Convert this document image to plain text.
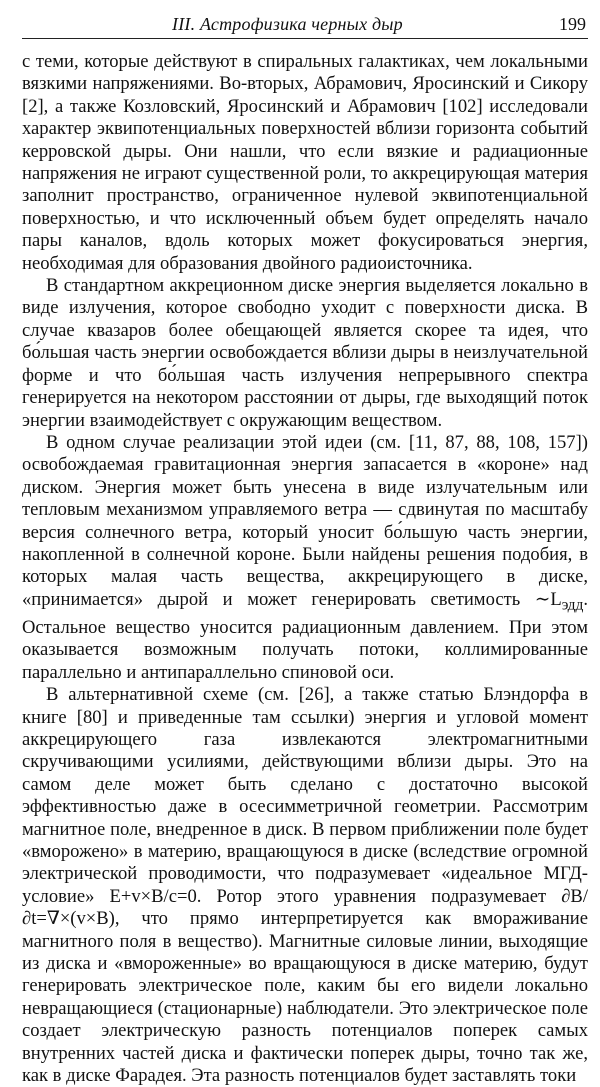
III. Астрофизика черных дыр	199

с теми, которые действуют в спиральных галактиках, чем локальными вязкими напряжениями. Во-вторых, Абрамович, Яросинский и Сикору [2], а также Козловский, Яросинский и Абрамович [102] исследовали характер эквипотенциальных поверхностей вблизи горизонта событий керровской дыры. Они нашли, что если вязкие и радиационные напряжения не играют существенной роли, то аккрецирующая материя заполнит пространство, ограниченное нулевой эквипотенциальной поверхностью, и что исключенный объем будет определять начало пары каналов, вдоль которых может фокусироваться энергия, необходимая для образования двойного радиоисточника.

В стандартном аккреционном диске энергия выделяется локально в виде излучения, которое свободно уходит с поверхности диска. В случае квазаров более обещающей является скорее та идея, что бо́льшая часть энергии освобождается вблизи дыры в неизлучательной форме и что бо́льшая часть излучения непрерывного спектра генерируется на некотором расстоянии от дыры, где выходящий поток энергии взаимодействует с окружающим веществом.

В одном случае реализации этой идеи (см. [11, 87, 88, 108, 157]) освобождаемая гравитационная энергия запасается в «короне» над диском. Энергия может быть унесена в виде излучательным или тепловым механизмом управляемого ветра — сдвинутая по масштабу версия солнечного ветра, который уносит бо́льшую часть энергии, накопленной в солнечной короне. Были найдены решения подобия, в которых малая часть вещества, аккрецирующего в диске, «принимается» дырой и может генерировать светимость $\sim L_{эдд}$. Остальное вещество уносится радиационным давлением. При этом оказывается возможным получать потоки, коллимированные параллельно и антипараллельно спиновой оси.

В альтернативной схеме (см. [26], а также статью Блэндорфа в книге [80] и приведенные там ссылки) энергия и угловой момент аккрецирующего газа извлекаются электромагнитными скручивающими усилиями, действующими вблизи дыры. Это на самом деле может быть сделано с достаточно высокой эффективностью даже в осесимметричной геометрии. Рассмотрим магнитное поле, внедренное в диск. В первом приближении поле будет «вморожено» в материю, вращающуюся в диске (вследствие огромной электрической проводимости, что подразумевает «идеальное МГД-условие» E+v×B/c=0. Ротор этого уравнения подразумевает ∂B/∂t=∇×(v×B), что прямо интерпретируется как вмораживание магнитного поля в вещество). Магнитные силовые линии, выходящие из диска и «вмороженные» во вращающуюся в диске материю, будут генерировать электрическое поле, каким бы его видели локально невращающиеся (стационарные) наблюдатели. Это электрическое поле создает электрическую разность потенциалов поперек самых внутренних частей диска и фактически поперек дыры, точно так же, как в диске Фарадея. Эта разность потенциалов будет заставлять токи
